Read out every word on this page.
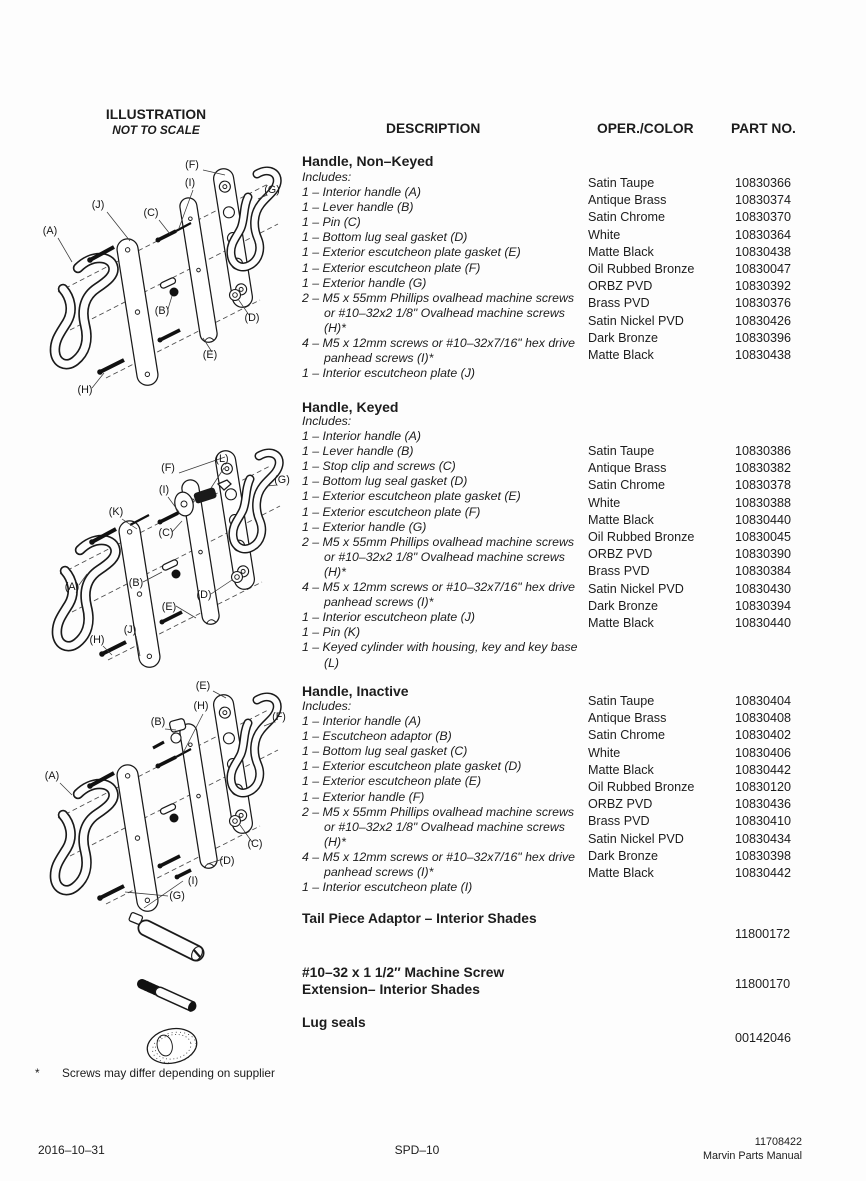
ILLUSTRATION
NOT TO SCALE	DESCRIPTION	OPER./COLOR	PART NO.
(A)
(B)
(C)
(D)
(E)
(F)
(G)
(H)
(I)
(J)
Handle, Non–Keyed
Includes:
1 – Interior handle (A)
1 – Lever handle (B)
1 – Pin (C)
1 – Bottom lug seal gasket (D)
1 – Exterior escutcheon plate gasket (E)
1 – Exterior escutcheon plate (F)
1 – Exterior handle (G)
2 – M5 x 55mm Phillips ovalhead machine screws or #10–32x2 1/8" Ovalhead machine screws (H)*
4 – M5 x 12mm screws or #10–32x7/16" hex drive panhead screws (I)*
1 – Interior escutcheon plate (J)
Satin Taupe	10830366
Antique Brass	10830374
Satin Chrome	10830370
White	10830364
Matte Black	10830438
Oil Rubbed Bronze	10830047
ORBZ PVD	10830392
Brass PVD	10830376
Satin Nickel PVD	10830426
Dark Bronze	10830396
Matte Black	10830438
(A)	(B)
(C)
(D)
(E)
(F)
(G)
(H)
(I)
(J)
(K)
(L)
Handle, Keyed
Includes:
1 – Interior handle (A)
1 – Lever handle (B)
1 – Stop clip and screws (C)
1 – Bottom lug seal gasket (D)
1 – Exterior escutcheon plate gasket (E)
1 – Exterior escutcheon plate (F)
1 – Exterior handle (G)
2 – M5 x 55mm Phillips ovalhead machine screws or #10–32x2 1/8" Ovalhead machine screws (H)*
4 – M5 x 12mm screws or #10–32x7/16" hex drive panhead screws (I)*
1 – Interior escutcheon plate (J)
1 – Pin (K)
1 – Keyed cylinder with housing, key and key base (L)
Satin Taupe	10830386
Antique Brass	10830382
Satin Chrome	10830378
White	10830388
Matte Black	10830440
Oil Rubbed Bronze	10830045
ORBZ PVD	10830390
Brass PVD	10830384
Satin Nickel PVD	10830430
Dark Bronze	10830394
Matte Black	10830440
(A)
(B)
(C)
(D)
(E)
(F)
(G)
(H)
(I)
Handle, Inactive
Includes:
1 – Interior handle (A)
1 – Escutcheon adaptor (B)
1 – Bottom lug seal gasket (C)
1 – Exterior escutcheon plate gasket (D)
1 – Exterior escutcheon plate (E)
1 – Exterior handle (F)
2 – M5 x 55mm Phillips ovalhead machine screws or #10–32x2 1/8" Ovalhead machine screws (H)*
4 – M5 x 12mm screws or #10–32x7/16" hex drive panhead screws (I)*
1 – Interior escutcheon plate (I)
Satin Taupe	10830404
Antique Brass	10830408
Satin Chrome	10830402
White	10830406
Matte Black	10830442
Oil Rubbed Bronze	10830120
ORBZ PVD	10830436
Brass PVD	10830410
Satin Nickel PVD	10830434
Dark Bronze	10830398
Matte Black	10830442
Tail Piece Adaptor – Interior Shades
11800172
#10–32 x 1 1/2″ Machine Screw
Extension– Interior Shades	11800170
Lug seals
00142046
* Screws may differ depending on supplier
2016–10–31	SPD–10
11708422
Marvin Parts Manual
